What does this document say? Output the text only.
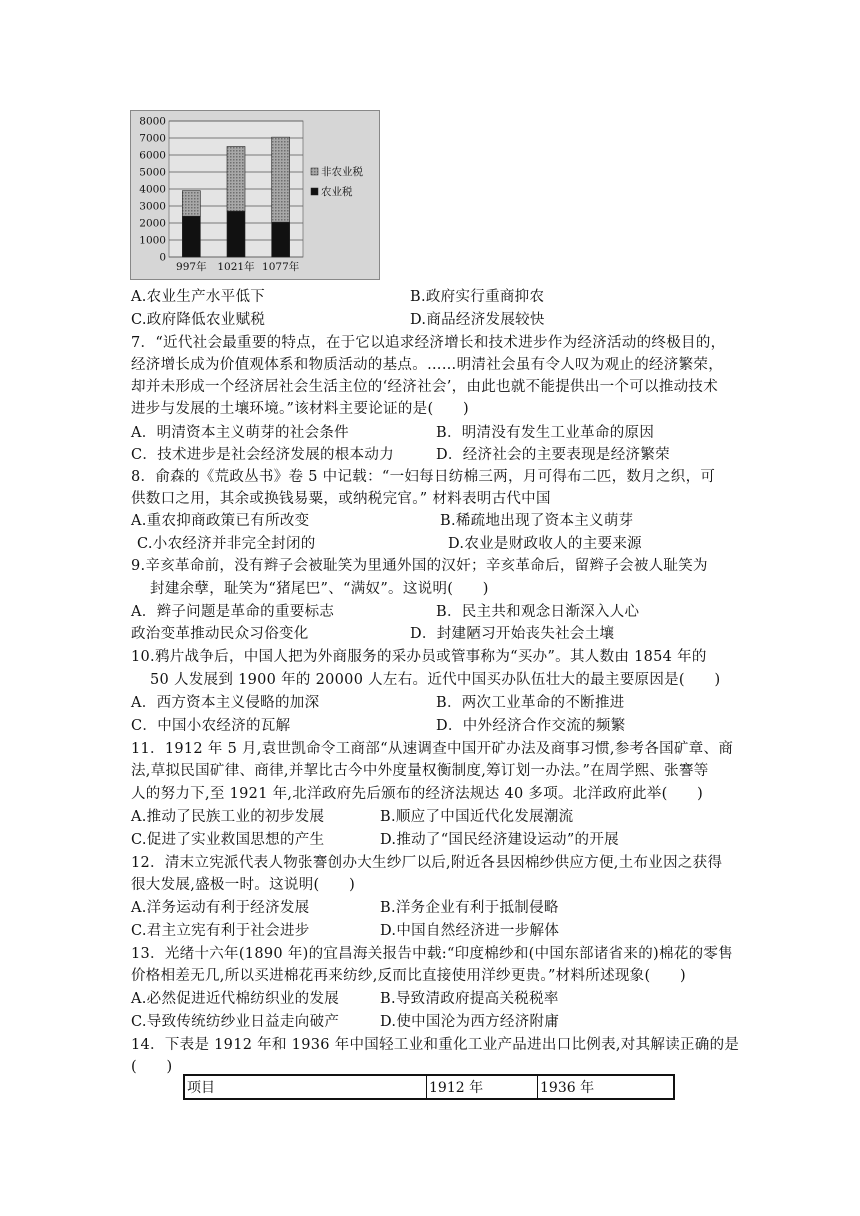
0
1000
2000
3000
4000
5000
6000
7000
8000
997年 1021年 1077年
非农业税
农业税
A.农业生产水平低下	B.政府实行重商抑农
C.政府降低农业赋税	D.商品经济发展较快
7．“近代社会最重要的特点，在于它以追求经济增长和技术进步作为经济活动的终极目的，
经济增长成为价值观体系和物质活动的基点。……明清社会虽有令人叹为观止的经济繁荣，
却并未形成一个经济居社会生活主位的‘经济社会’，由此也就不能提供出一个可以推动技术
进步与发展的土壤环境。”该材料主要论证的是(　　)
A．明清资本主义萌芽的社会条件	B．明清没有发生工业革命的原因
C．技术进步是社会经济发展的根本动力	D．经济社会的主要表现是经济繁荣
8．俞森的《荒政丛书》卷 5 中记载：“一妇每日纺棉三两，月可得布二匹，数月之织，可
供数口之用，其余或换钱易粟，或纳税完官。” 材料表明古代中国
A.重农抑商政策已有所改变	B.稀疏地出现了资本主义萌芽
C.小农经济并非完全封闭的	D.农业是财政收人的主要来源
9.辛亥革命前，没有辫子会被耻笑为里通外国的汉奸；辛亥革命后，留辫子会被人耻笑为
封建余孽，耻笑为“猪尾巴”、“满奴”。这说明(　　)
A．辫子问题是革命的重要标志	B．民主共和观念日渐深入人心
政治变革推动民众习俗变化	D．封建陋习开始丧失社会土壤
10.鸦片战争后，中国人把为外商服务的采办员或管事称为“买办”。其人数由 1854 年的
50 人发展到 1900 年的 20000 人左右。近代中国买办队伍壮大的最主要原因是(　　)
A．西方资本主义侵略的加深	B．两次工业革命的不断推进
C．中国小农经济的瓦解	D．中外经济合作交流的频繁
11．1912 年 5 月,袁世凯命令工商部“从速调查中国开矿办法及商事习惯,参考各国矿章、商
法,草拟民国矿律、商律,并挈比古今中外度量权衡制度,筹订划一办法。”在周学熙、张謇等
人的努力下,至 1921 年,北洋政府先后颁布的经济法规达 40 多项。北洋政府此举(　　)
A.推动了民族工业的初步发展	B.顺应了中国近代化发展潮流
C.促进了实业救国思想的产生	D.推动了“国民经济建设运动”的开展
12．清末立宪派代表人物张謇创办大生纱厂以后,附近各县因棉纱供应方便,土布业因之获得
很大发展,盛极一时。这说明(　　)
A.洋务运动有利于经济发展	B.洋务企业有利于抵制侵略
C.君主立宪有利于社会进步	D.中国自然经济进一步解体
13．光绪十六年(1890 年)的宜昌海关报告中载:“印度棉纱和(中国东部诸省来的)棉花的零售
价格相差无几,所以买进棉花再来纺纱,反而比直接使用洋纱更贵。”材料所述现象(　　)
A.必然促进近代棉纺织业的发展	B.导致清政府提高关税税率
C.导致传统纺纱业日益走向破产	D.使中国沦为西方经济附庸
14．下表是 1912 年和 1936 年中国轻工业和重化工业产品进出口比例表,对其解读正确的是
(　　)
项目	1912 年	1936 年
